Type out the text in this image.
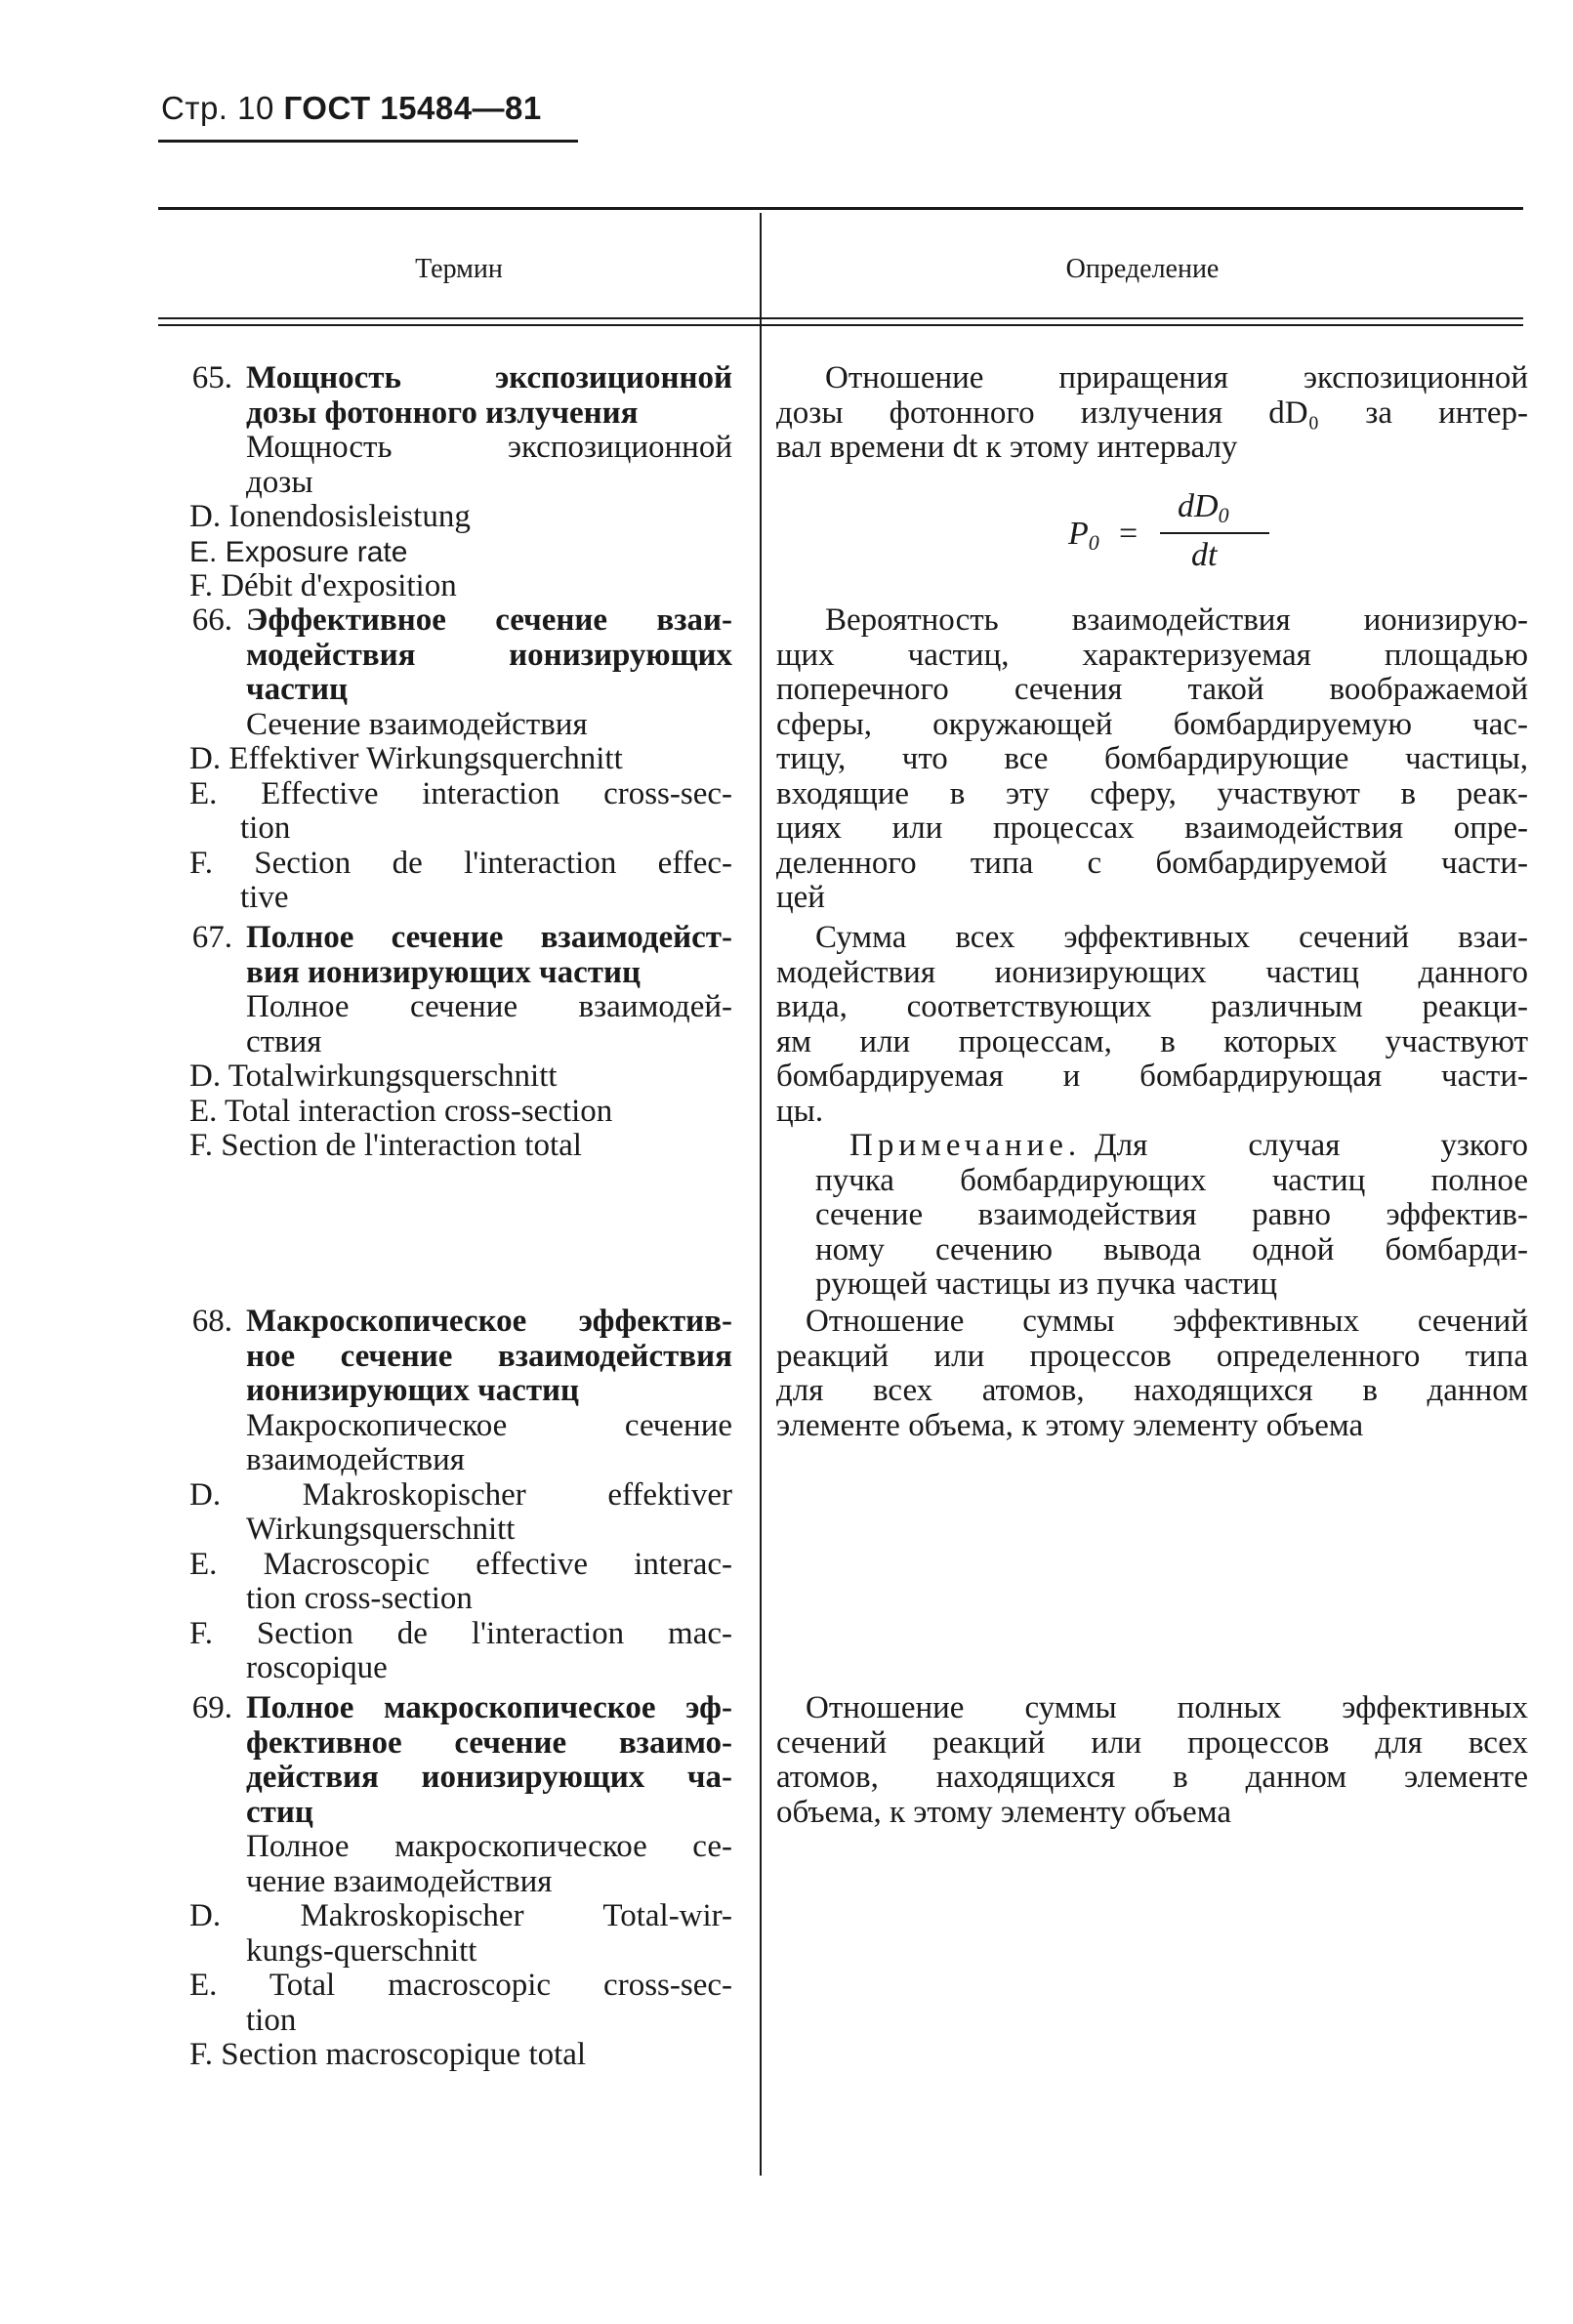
Стр. 10 ГОСТ 15484—81
Термин	Определение
65. Мощность экспозиционной
дозы фотонного излучения
Мощность экспозиционной
дозы
D. Ionendosisleistung
E. Exposure rate
F. Débit d'exposition
Отношение приращения экспозиционной
дозы фотонного излучения dD₀ за интер-
вал времени dt к этому интервалу
$P_0$ =
$dD_0$
dt
66. Эффективное сечение взаи-
модействия ионизирующих
частиц
Сечение взаимодействия
D. Effektiver Wirkungsquerchnitt
E. Effective interaction cross-sec-
tion
F. Section de l'interaction effec-
tive
Вероятность взаимодействия ионизирую-
щих частиц, характеризуемая площадью
поперечного сечения такой воображаемой
сферы, окружающей бомбардируемую час-
тицу, что все бомбардирующие частицы,
входящие в эту сферу, участвуют в реак-
циях или процессах взаимодействия опре-
деленного типа с бомбардируемой части-
цей
67. Полное сечение взаимодейст-
вия ионизирующих частиц
Полное сечение взаимодей-
ствия
D. Totalwirkungsquerschnitt
E. Total interaction cross-section
F. Section de l'interaction total
Сумма всех эффективных сечений взаи-
модействия ионизирующих частиц данного
вида, соответствующих различным реакци-
ям или процессам, в которых участвуют
бомбардируемая и бомбардирующая части-
цы.
Примечание. Для случая узкого
пучка бомбардирующих частиц полное
сечение взаимодействия равно эффектив-
ному сечению вывода одной бомбарди-
рующей частицы из пучка частиц
68. Макроскопическое эффектив-
ное сечение взаимодействия
ионизирующих частиц
Макроскопическое сечение
взаимодействия
D. Makroskopischer effektiver
Wirkungsquerschnitt
E. Macroscopic effective interac-
tion cross-section
F. Section de l'interaction mac-
roscopique
Отношение суммы эффективных сечений
реакций или процессов определенного типа
для всех атомов, находящихся в данном
элементе объема, к этому элементу объема
69. Полное макроскопическое эф-
фективное сечение взаимо-
действия ионизирующих ча-
стиц
Полное макроскопическое се-
чение взаимодействия
D. Makroskopischer Total-wir-
kungs-querschnitt
E. Total macroscopic cross-sec-
tion
F. Section macroscopique total
Отношение суммы полных эффективных
сечений реакций или процессов для всех
атомов, находящихся в данном элементе
объема, к этому элементу объема
